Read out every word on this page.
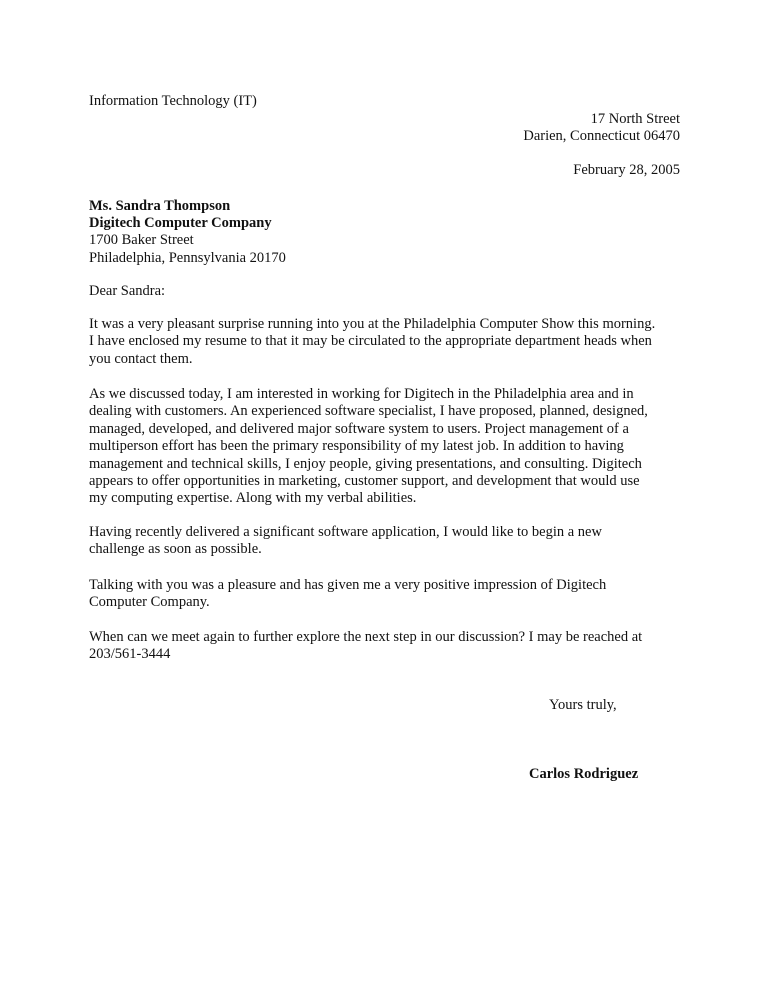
Information Technology (IT)
17 North Street
Darien, Connecticut 06470
February 28, 2005
Ms. Sandra Thompson
Digitech Computer Company
1700 Baker Street
Philadelphia, Pennsylvania 20170
Dear Sandra:
It was a very pleasant surprise running into you at the Philadelphia Computer Show this morning.
I have enclosed my resume to that it may be circulated to the appropriate department heads when
you contact them.
As we discussed today, I am interested in working for Digitech in the Philadelphia area and in
dealing with customers. An experienced software specialist, I have proposed, planned, designed,
managed, developed, and delivered major software system to users. Project management of a
multiperson effort has been the primary responsibility of my latest job. In addition to having
management and technical skills, I enjoy people, giving presentations, and consulting. Digitech
appears to offer opportunities in marketing, customer support, and development that would use
my computing expertise. Along with my verbal abilities.
Having recently delivered a significant software application, I would like to begin a new
challenge as soon as possible.
Talking with you was a pleasure and has given me a very positive impression of Digitech
Computer Company.
When can we meet again to further explore the next step in our discussion? I may be reached at
203/561-3444
Yours truly,
Carlos Rodriguez
